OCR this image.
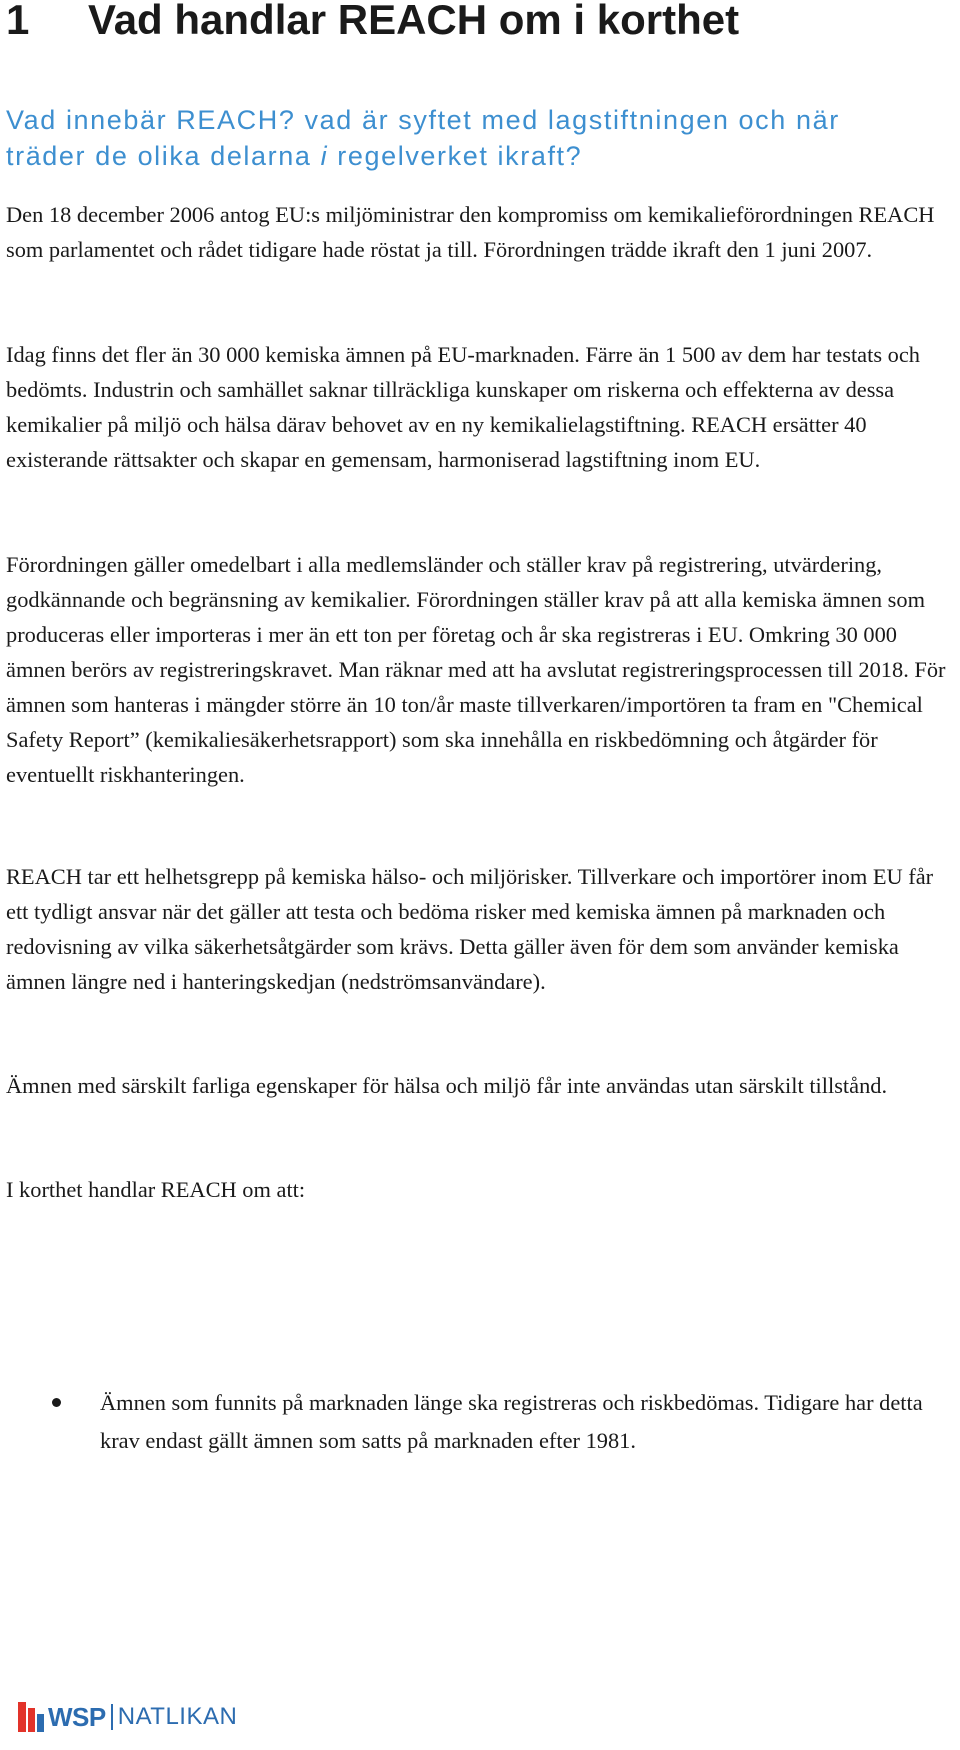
1 Vad handlar REACH om i korthet

Vad innebär REACH? vad är syftet med lagstiftningen och när träder de olika delarna i regelverket ikraft?

Den 18 december 2006 antog EU:s miljöministrar den kompromiss om kemikalieförordningen REACH som parlamentet och rådet tidigare hade röstat ja till. Förordningen trädde ikraft den 1 juni 2007.

Idag finns det fler än 30 000 kemiska ämnen på EU-marknaden. Färre än 1 500 av dem har testats och bedömts. Industrin och samhället saknar tillräckliga kunskaper om riskerna och effekterna av dessa kemikalier på miljö och hälsa därav behovet av en ny kemikalielagstiftning. REACH ersätter 40 existerande rättsakter och skapar en gemensam, harmoniserad lagstiftning inom EU.

Förordningen gäller omedelbart i alla medlemsländer och ställer krav på registrering, utvärdering, godkännande och begränsning av kemikalier. Förordningen ställer krav på att alla kemiska ämnen som produceras eller importeras i mer än ett ton per företag och år ska registreras i EU. Omkring 30 000 ämnen berörs av registreringskravet. Man räknar med att ha avslutat registreringsprocessen till 2018. För ämnen som hanteras i mängder större än 10 ton/år maste tillverkaren/importören ta fram en "Chemical Safety Report” (kemikaliesäkerhetsrapport) som ska innehålla en riskbedömning och åtgärder för eventuellt riskhanteringen.

REACH tar ett helhetsgrepp på kemiska hälso- och miljörisker. Tillverkare och importörer inom EU får ett tydligt ansvar när det gäller att testa och bedöma risker med kemiska ämnen på marknaden och redovisning av vilka säkerhetsåtgärder som krävs. Detta gäller även för dem som använder kemiska ämnen längre ned i hanteringskedjan (nedströmsanvändare).

Ämnen med särskilt farliga egenskaper för hälsa och miljö får inte användas utan särskilt tillstånd.

I korthet handlar REACH om att:

Ämnen som funnits på marknaden länge ska registreras och riskbedömas. Tidigare har detta krav endast gällt ämnen som satts på marknaden efter 1981.
WSP NATLIKAN
